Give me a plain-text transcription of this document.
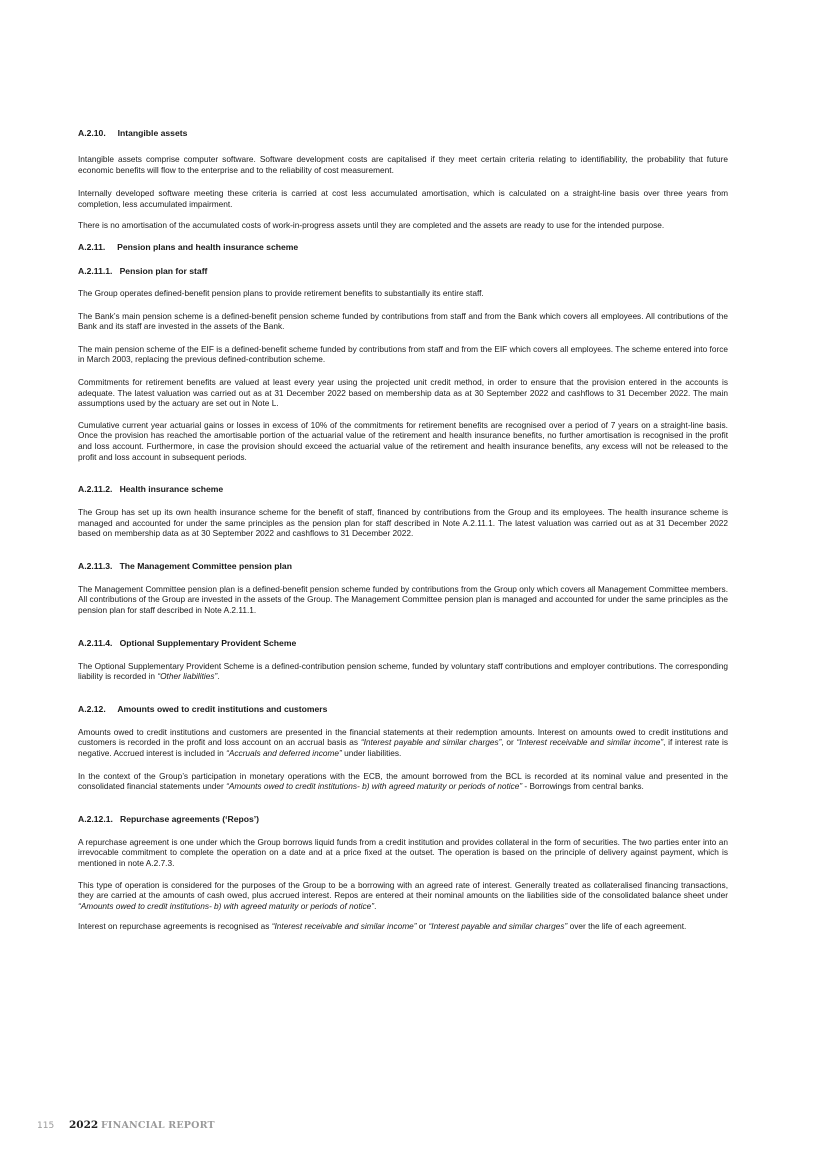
A.2.10.     Intangible assets

Intangible assets comprise computer software. Software development costs are capitalised if they meet certain criteria relating to identifiability, the probability that future economic benefits will flow to the enterprise and to the reliability of cost measurement.

Internally developed software meeting these criteria is carried at cost less accumulated amortisation, which is calculated on a straight-line basis over three years from completion, less accumulated impairment.

There is no amortisation of the accumulated costs of work-in-progress assets until they are completed and the assets are ready to use for the intended purpose.

A.2.11.     Pension plans and health insurance scheme
A.2.11.1.   Pension plan for staff

The Group operates defined-benefit pension plans to provide retirement benefits to substantially its entire staff.

The Bank’s main pension scheme is a defined-benefit pension scheme funded by contributions from staff and from the Bank which covers all employees. All contributions of the Bank and its staff are invested in the assets of the Bank.

The main pension scheme of the EIF is a defined-benefit scheme funded by contributions from staff and from the EIF which covers all employees. The scheme entered into force in March 2003, replacing the previous defined-contribution scheme.

Commitments for retirement benefits are valued at least every year using the projected unit credit method, in order to ensure that the provision entered in the accounts is adequate. The latest valuation was carried out as at 31 December 2022 based on membership data as at 30 September 2022 and cashflows to 31 December 2022. The main assumptions used by the actuary are set out in Note L.

Cumulative current year actuarial gains or losses in excess of 10% of the commitments for retirement benefits are recognised over a period of 7 years on a straight-line basis. Once the provision has reached the amortisable portion of the actuarial value of the retirement and health insurance benefits, no further amortisation is recognised in the profit and loss account. Furthermore, in case the provision should exceed the actuarial value of the retirement and health insurance benefits, any excess will not be released to the profit and loss account in subsequent periods.

A.2.11.2.   Health insurance scheme

The Group has set up its own health insurance scheme for the benefit of staff, financed by contributions from the Group and its employees. The health insurance scheme is managed and accounted for under the same principles as the pension plan for staff described in Note A.2.11.1. The latest valuation was carried out as at 31 December 2022 based on membership data as at 30 September 2022 and cashflows to 31 December 2022.

A.2.11.3.   The Management Committee pension plan

The Management Committee pension plan is a defined-benefit pension scheme funded by contributions from the Group only which covers all Management Committee members. All contributions of the Group are invested in the assets of the Group. The Management Committee pension plan is managed and accounted for under the same principles as the pension plan for staff described in Note A.2.11.1.

A.2.11.4.   Optional Supplementary Provident Scheme

The Optional Supplementary Provident Scheme is a defined-contribution pension scheme, funded by voluntary staff contributions and employer contributions. The corresponding liability is recorded in “Other liabilities”.

A.2.12.     Amounts owed to credit institutions and customers

Amounts owed to credit institutions and customers are presented in the financial statements at their redemption amounts. Interest on amounts owed to credit institutions and customers is recorded in the profit and loss account on an accrual basis as “Interest payable and similar charges”, or “Interest receivable and similar income”, if interest rate is negative. Accrued interest is included in “Accruals and deferred income” under liabilities.

In the context of the Group’s participation in monetary operations with the ECB, the amount borrowed from the BCL is recorded at its nominal value and presented in the consolidated financial statements under “Amounts owed to credit institutions- b) with agreed maturity or periods of notice” - Borrowings from central banks.

A.2.12.1.   Repurchase agreements (‘Repos’)

A repurchase agreement is one under which the Group borrows liquid funds from a credit institution and provides collateral in the form of securities. The two parties enter into an irrevocable commitment to complete the operation on a date and at a price fixed at the outset. The operation is based on the principle of delivery against payment, which is mentioned in note A.2.7.3.

This type of operation is considered for the purposes of the Group to be a borrowing with an agreed rate of interest. Generally treated as collateralised financing transactions, they are carried at the amounts of cash owed, plus accrued interest. Repos are entered at their nominal amounts on the liabilities side of the consolidated balance sheet under “Amounts owed to credit institutions- b) with agreed maturity or periods of notice”.

Interest on repurchase agreements is recognised as “Interest receivable and similar income” or “Interest payable and similar charges” over the life of each agreement.

115 2022 FINANCIAL REPORT
